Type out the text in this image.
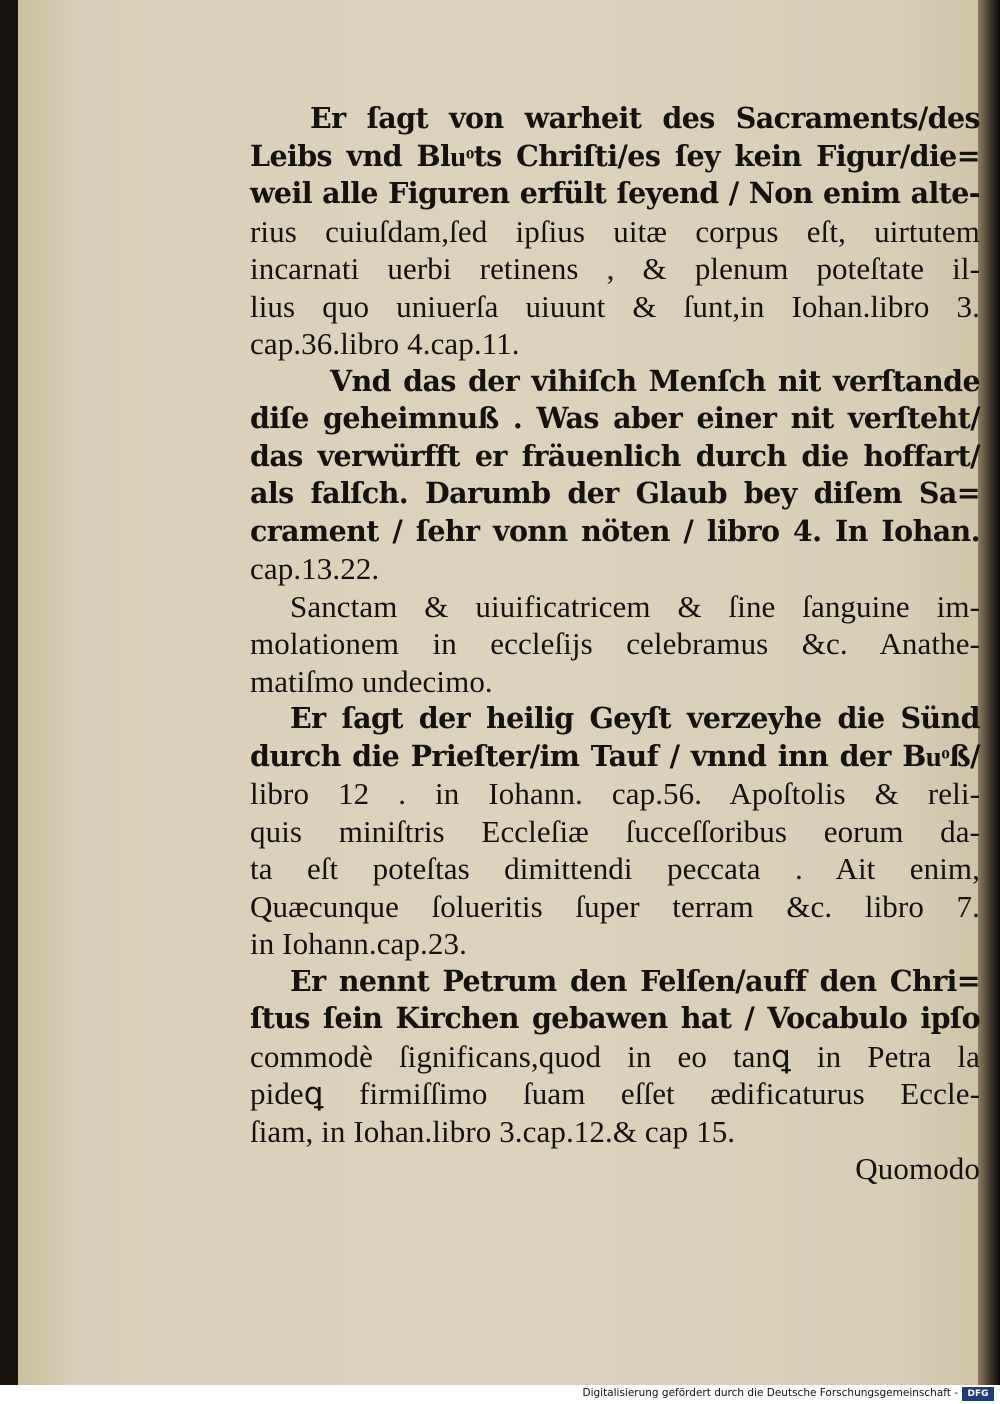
Er ſagt von warheit des Sacraments/des
Leibs vnd Bluͦts Chriſti/es ſey kein Figur/die=
weil alle Figuren erfült ſeyend / Non enim alte-
rius cuiuſdam,ſed ipſius uitæ corpus eſt, uirtutem
incarnati uerbi retinens , & plenum poteſtate il-
lius quo uniuerſa uiuunt & ſunt,in Iohan.libro 3.
cap.36.libro 4.cap.11.
Vnd das der vihiſch Menſch nit verſtande
diſe geheimnuß . Was aber einer nit verſteht/
das verwürfft er fräuenlich durch die hoffart/
als falſch. Darumb der Glaub bey diſem Sa=
crament / ſehr vonn nöten / libro 4. In Iohan.
cap.13.22.
Sanctam & uiuificatricem & ſine ſanguine im-
molationem in eccleſijs celebramus &c. Anathe-
matiſmo undecimo.
Er ſagt der heilig Geyſt verzeyhe die Sünd
durch die Prieſter/im Tauf / vnnd inn der Buͦß/
libro 12 . in Iohann. cap.56. Apoſtolis & reli-
quis miniſtris Eccleſiæ ſucceſſoribus eorum da-
ta eſt poteſtas dimittendi peccata . Ait enim,
Quæcunque ſolueritis ſuper terram &c. libro 7.
in Iohann.cap.23.
Er nennt Petrum den Felſen/auff den Chri=
ſtus ſein Kirchen gebawen hat / Vocabulo ipſo
commodè ſignificans,quod in eo tanꝗ in Petra la
pideꝗ firmiſſimo ſuam eſſet ædificaturus Eccle-
ſiam, in Iohan.libro 3.cap.12.& cap 15.
Quomodo
Digitalisierung gefördert durch die Deutsche Forschungsgemeinschaft -	DFG
